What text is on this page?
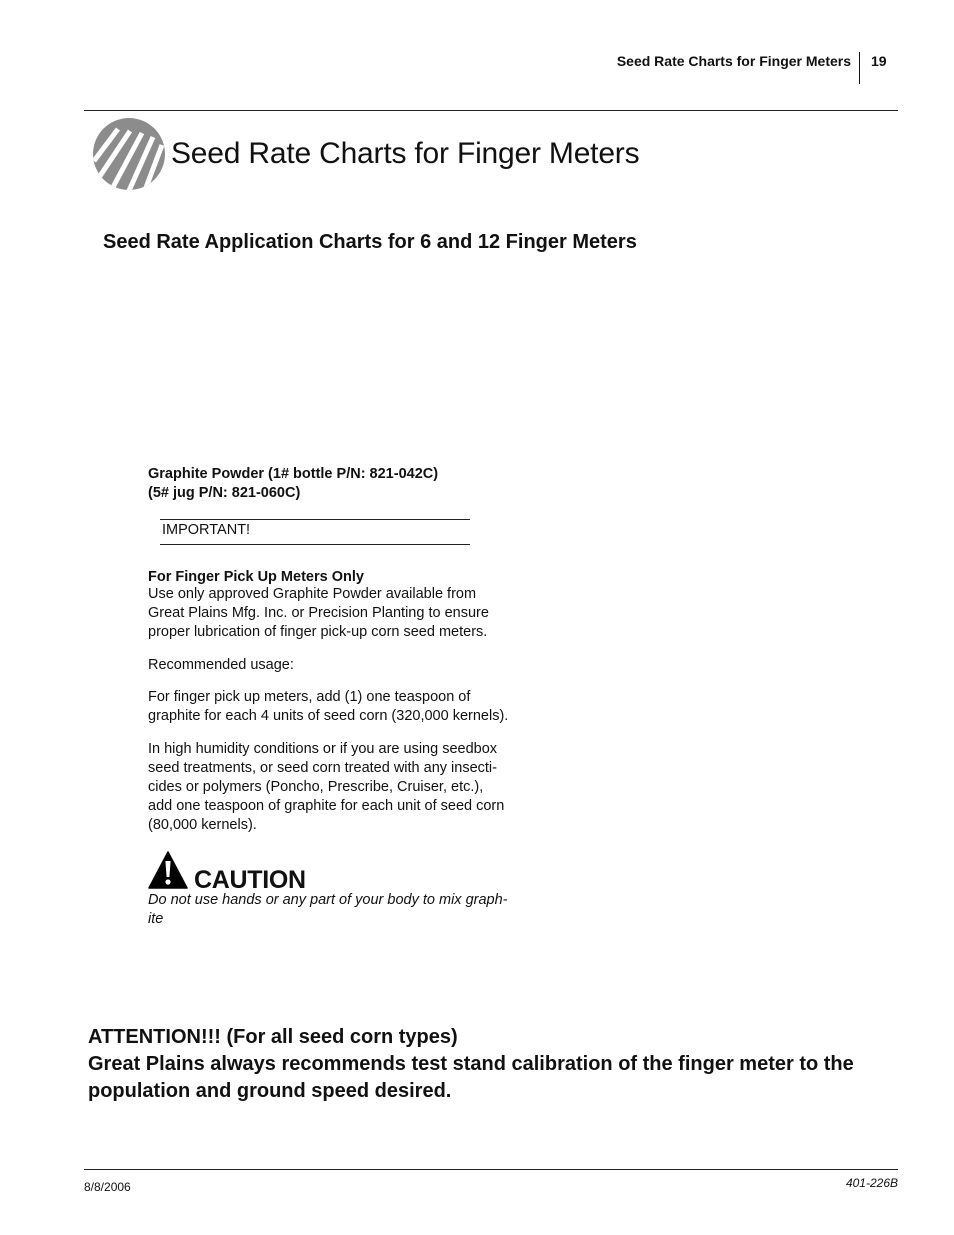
Seed Rate Charts for Finger Meters 19
Seed Rate Charts for Finger Meters
Seed Rate Application Charts for 6 and 12 Finger Meters
Graphite Powder (1# bottle P/N: 821-042C)
(5# jug P/N: 821-060C)
IMPORTANT!
For Finger Pick Up Meters Only
Use only approved Graphite Powder available from
Great Plains Mfg. Inc. or Precision Planting to ensure
proper lubrication of finger pick-up corn seed meters.
Recommended usage:
For finger pick up meters, add (1) one teaspoon of
graphite for each 4 units of seed corn (320,000 kernels).
In high humidity conditions or if you are using seedbox
seed treatments, or seed corn treated with any insecti-
cides or polymers (Poncho, Prescribe, Cruiser, etc.),
add one teaspoon of graphite for each unit of seed corn
(80,000 kernels).
CAUTION
Do not use hands or any part of your body to mix graph-
ite
ATTENTION!!! (For all seed corn types)
Great Plains always recommends test stand calibration of the finger meter to the
population and ground speed desired.
8/8/2006	401-226B
